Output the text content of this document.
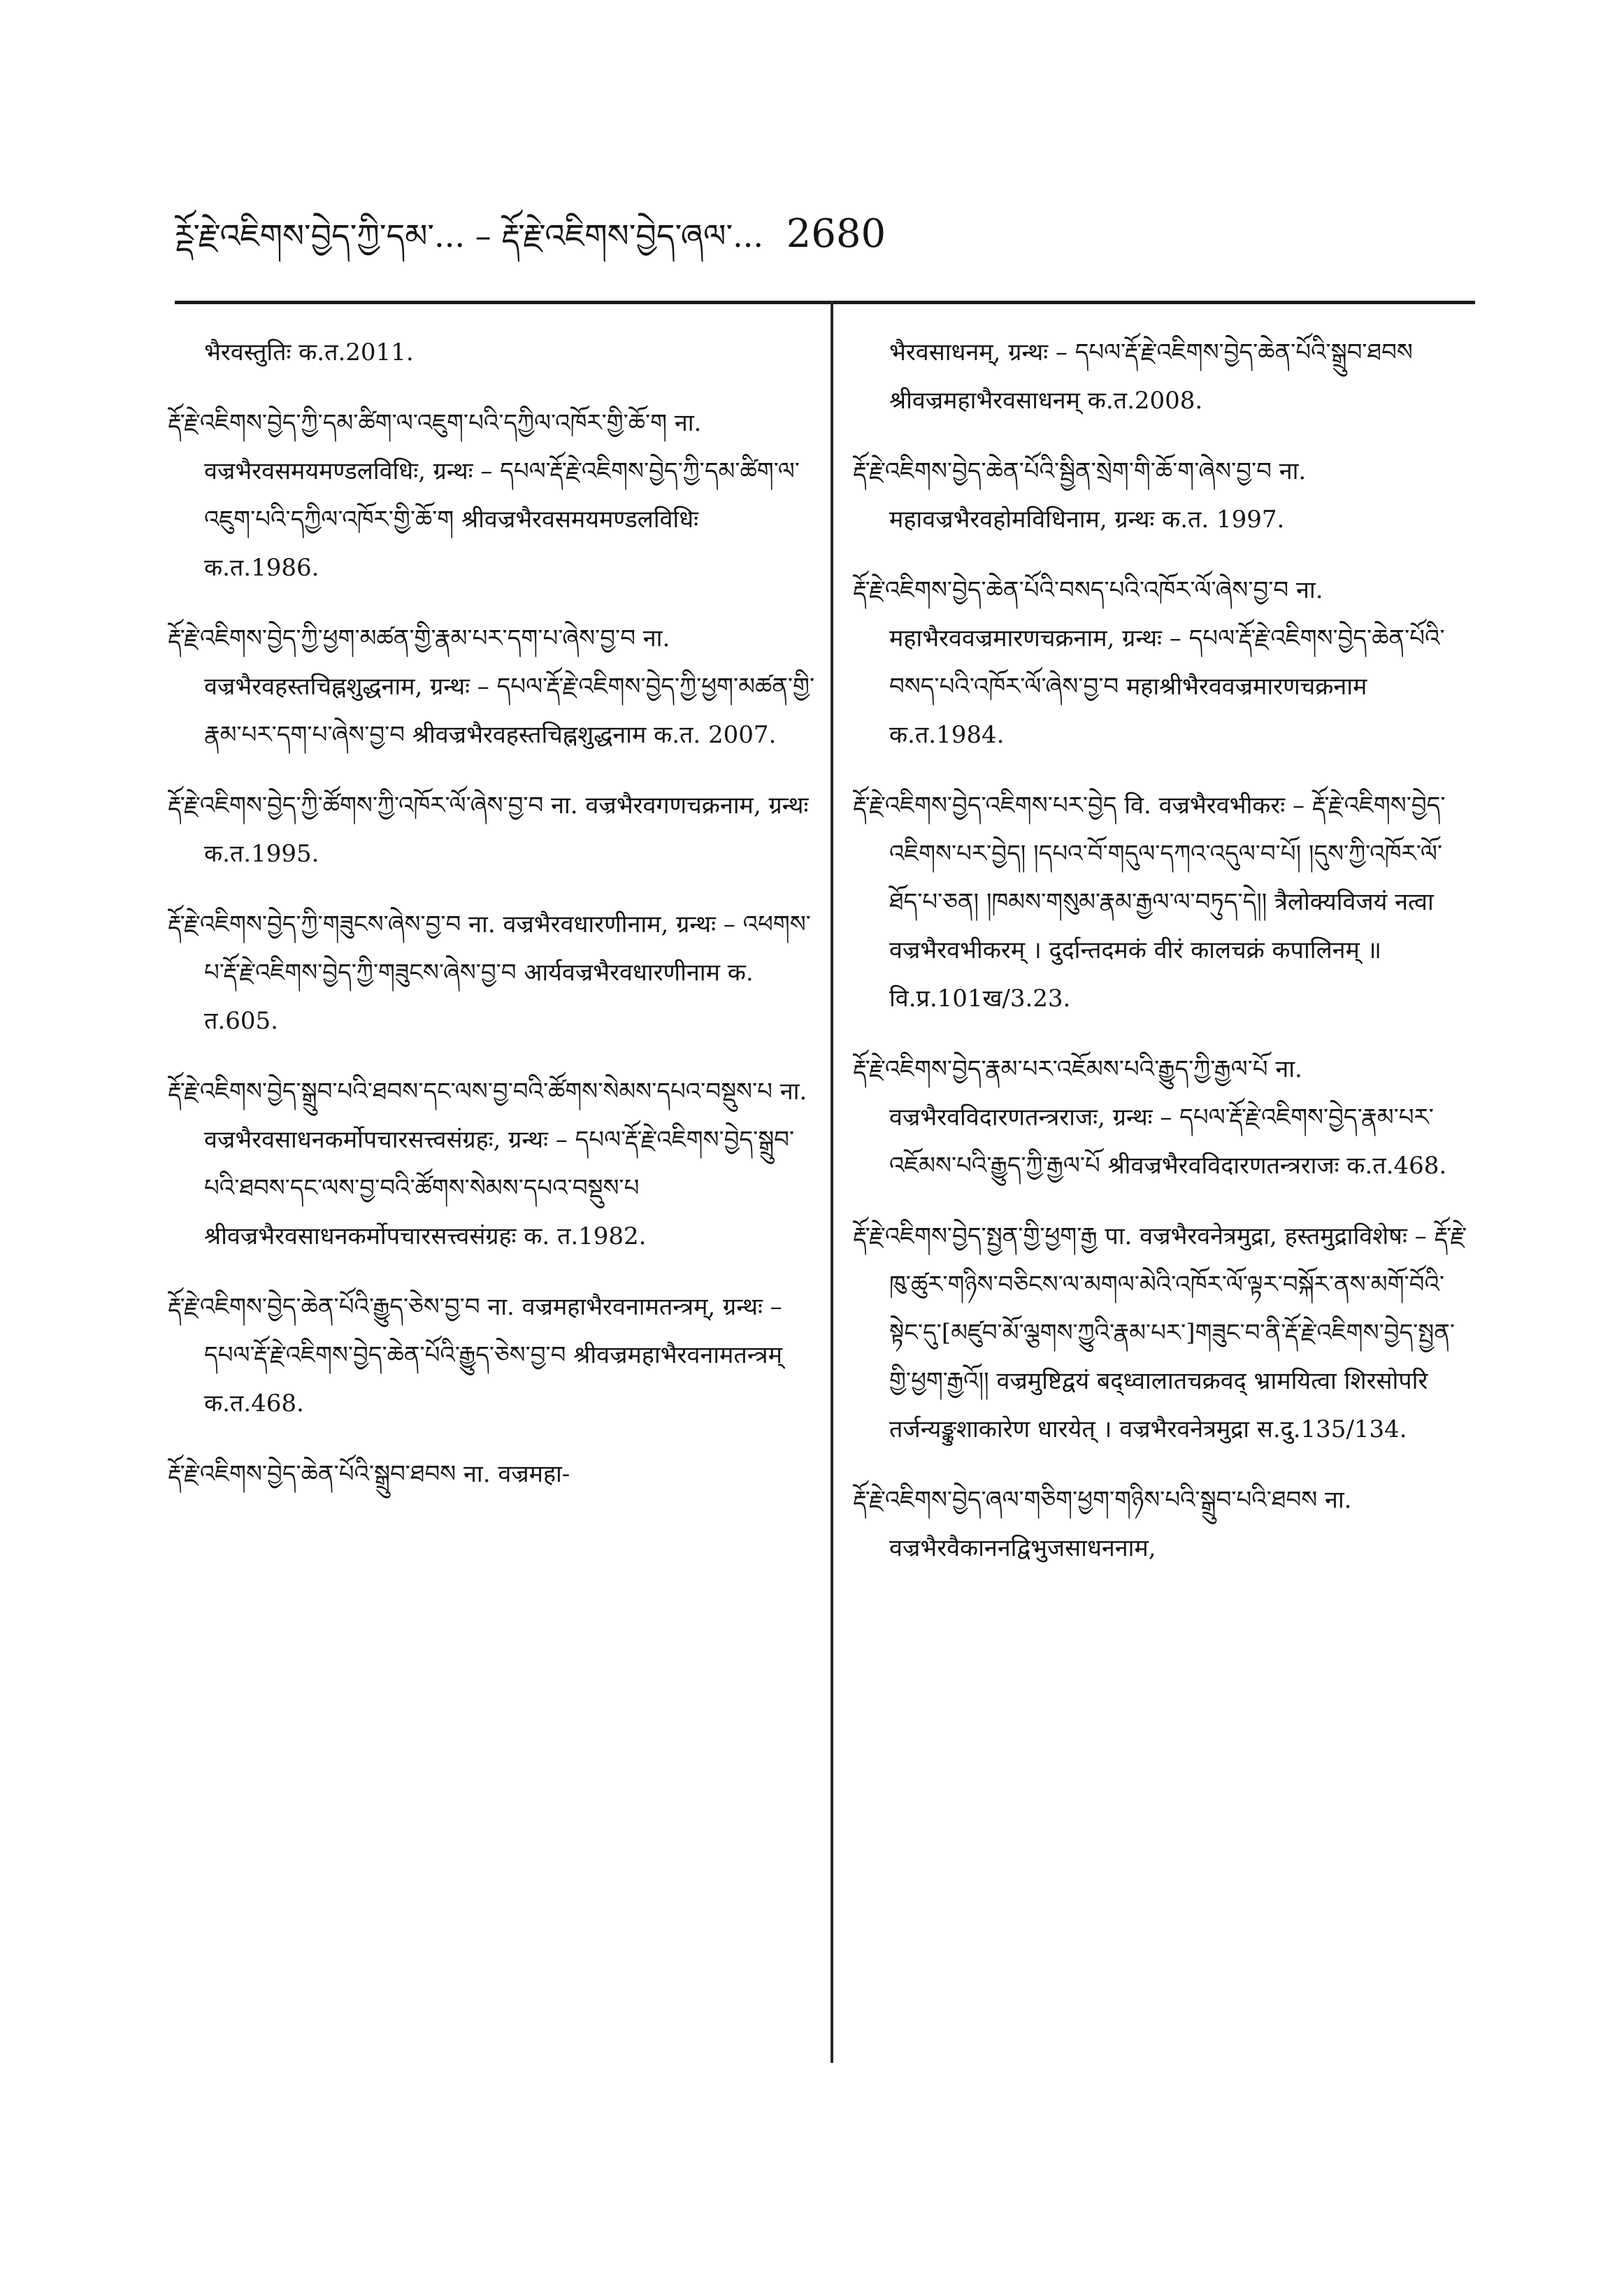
ཪྡོ་རྗེ་འཇིགས་བྱེད་ཀྱི་དམ་... – རྡོ་རྗེ་འཇིགས་བྱེད་ཞལ་... 2680

भैरवस्तुतिः क.त.2011.

རྡོ་རྗེ་འཇིགས་བྱེད་ཀྱི་དམ་ཚིག་ལ་འཇུག་པའི་དཀྱིལ་འཁོར་གྱི་ཆོ་ག ना. वज्रभैरवसमयमण्डलविधिः, ग्रन्थः – དཔལ་རྡོ་རྗེ་འཇིགས་བྱེད་ཀྱི་དམ་ཚིག་ལ་འཇུག་པའི་དཀྱིལ་འཁོར་གྱི་ཆོ་ག श्रीवज्रभैरवसमयमण्डलविधिः क.त.1986.

རྡོ་རྗེ་འཇིགས་བྱེད་ཀྱི་ཕྱག་མཚན་གྱི་རྣམ་པར་དག་པ་ཞེས་བྱ་བ ना. वज्रभैरवहस्तचिह्नशुद्धनाम, ग्रन्थः – དཔལ་རྡོ་རྗེ་འཇིགས་བྱེད་ཀྱི་ཕྱག་མཚན་གྱི་རྣམ་པར་དག་པ་ཞེས་བྱ་བ श्रीवज्रभैरवहस्तचिह्नशुद्धनाम क.त. 2007.

རྡོ་རྗེ་འཇིགས་བྱེད་ཀྱི་ཚོགས་ཀྱི་འཁོར་ལོ་ཞེས་བྱ་བ ना. वज्रभैरवगणचक्रनाम, ग्रन्थः क.त.1995.

རྡོ་རྗེ་འཇིགས་བྱེད་ཀྱི་གཟུངས་ཞེས་བྱ་བ ना. वज्रभैरवधारणीनाम, ग्रन्थः – འཕགས་པ་རྡོ་རྗེ་འཇིགས་བྱེད་ཀྱི་གཟུངས་ཞེས་བྱ་བ आर्यवज्रभैरवधारणीनाम क. त.605.

རྡོ་རྗེ་འཇིགས་བྱེད་སྒྲུབ་པའི་ཐབས་དང་ལས་བྱ་བའི་ཚོགས་སེམས་དཔའ་བསྡུས་པ ना. वज्रभैरवसाधनकर्मोपचारसत्त्वसंग्रहः, ग्रन्थः – དཔལ་རྡོ་རྗེ་འཇིགས་བྱེད་སྒྲུབ་པའི་ཐབས་དང་ལས་བྱ་བའི་ཚོགས་སེམས་དཔའ་བསྡུས་པ श्रीवज्रभैरवसाधनकर्मोपचारसत्त्वसंग्रहः क. त.1982.

རྡོ་རྗེ་འཇིགས་བྱེད་ཆེན་པོའི་རྒྱུད་ཅེས་བྱ་བ ना. वज्रमहाभैरवनामतन्त्रम्, ग्रन्थः – དཔལ་རྡོ་རྗེ་འཇིགས་བྱེད་ཆེན་པོའི་རྒྱུད་ཅེས་བྱ་བ श्रीवज्रमहाभैरवनामतन्त्रम् क.त.468.

རྡོ་རྗེ་འཇིགས་བྱེད་ཆེན་པོའི་སྒྲུབ་ཐབས ना. वज्रमहा-

भैरवसाधनम्, ग्रन्थः – དཔལ་རྡོ་རྗེ་འཇིགས་བྱེད་ཆེན་པོའི་སྒྲུབ་ཐབས श्रीवज्रमहाभैरवसाधनम् क.त.2008.

རྡོ་རྗེ་འཇིགས་བྱེད་ཆེན་པོའི་སྦྱིན་སྲེག་གི་ཆོ་ག་ཞེས་བྱ་བ ना. महावज्रभैरवहोमविधिनाम, ग्रन्थः क.त. 1997.

རྡོ་རྗེ་འཇིགས་བྱེད་ཆེན་པོའི་བསད་པའི་འཁོར་ལོ་ཞེས་བྱ་བ ना. महाभैरववज्रमारणचक्रनाम, ग्रन्थः – དཔལ་རྡོ་རྗེ་འཇིགས་བྱེད་ཆེན་པོའི་བསད་པའི་འཁོར་ལོ་ཞེས་བྱ་བ महाश्रीभैरववज्रमारणचक्रनाम क.त.1984.

རྡོ་རྗེ་འཇིགས་བྱེད་འཇིགས་པར་བྱེད वि. वज्रभैरवभीकरः – རྡོ་རྗེ་འཇིགས་བྱེད་འཇིགས་པར་བྱེད། །དཔའ་བོ་གདུལ་དཀའ་འདུལ་བ་པོ། །དུས་ཀྱི་འཁོར་ལོ་ཐོད་པ་ཅན། །ཁམས་གསུམ་རྣམ་རྒྱལ་ལ་བཏུད་དེ།། त्रैलोक्यविजयं नत्वा वज्रभैरवभीकरम् । दुर्दान्तदमकं वीरं कालचक्रं कपालिनम् ॥ वि.प्र.101ख/3.23.

རྡོ་རྗེ་འཇིགས་བྱེད་རྣམ་པར་འཇོམས་པའི་རྒྱུད་ཀྱི་རྒྱལ་པོ ना. वज्रभैरवविदारणतन्त्रराजः, ग्रन्थः – དཔལ་རྡོ་རྗེ་འཇིགས་བྱེད་རྣམ་པར་འཇོམས་པའི་རྒྱུད་ཀྱི་རྒྱལ་པོ श्रीवज्रभैरवविदारणतन्त्रराजः क.त.468.

རྡོ་རྗེ་འཇིགས་བྱེད་སྤྱན་གྱི་ཕྱག་རྒྱ पा. वज्रभैरवनेत्रमुद्रा, हस्तमुद्राविशेषः – རྡོ་རྗེ་ཁུ་ཚུར་གཉིས་བཅིངས་ལ་མགལ་མེའི་འཁོར་ལོ་ལྟར་བསྐོར་ནས་མགོ་བོའི་སྟེང་དུ་[མཛུབ་མོ་ལྕགས་ཀྱུའི་རྣམ་པར་]གཟུང་བ་ནི་རྡོ་རྗེ་འཇིགས་བྱེད་སྤྱན་གྱི་ཕྱག་རྒྱའོ།། वज्रमुष्टिद्वयं बद्ध्वालातचक्रवद् भ्रामयित्वा शिरसोपरि तर्जन्यङ्कुशाकारेण धारयेत् । वज्रभैरवनेत्रमुद्रा स.दु.135/134.

རྡོ་རྗེ་འཇིགས་བྱེད་ཞལ་གཅིག་ཕྱག་གཉིས་པའི་སྒྲུབ་པའི་ཐབས ना. वज्रभैरवैकाननद्विभुजसाधननाम,
